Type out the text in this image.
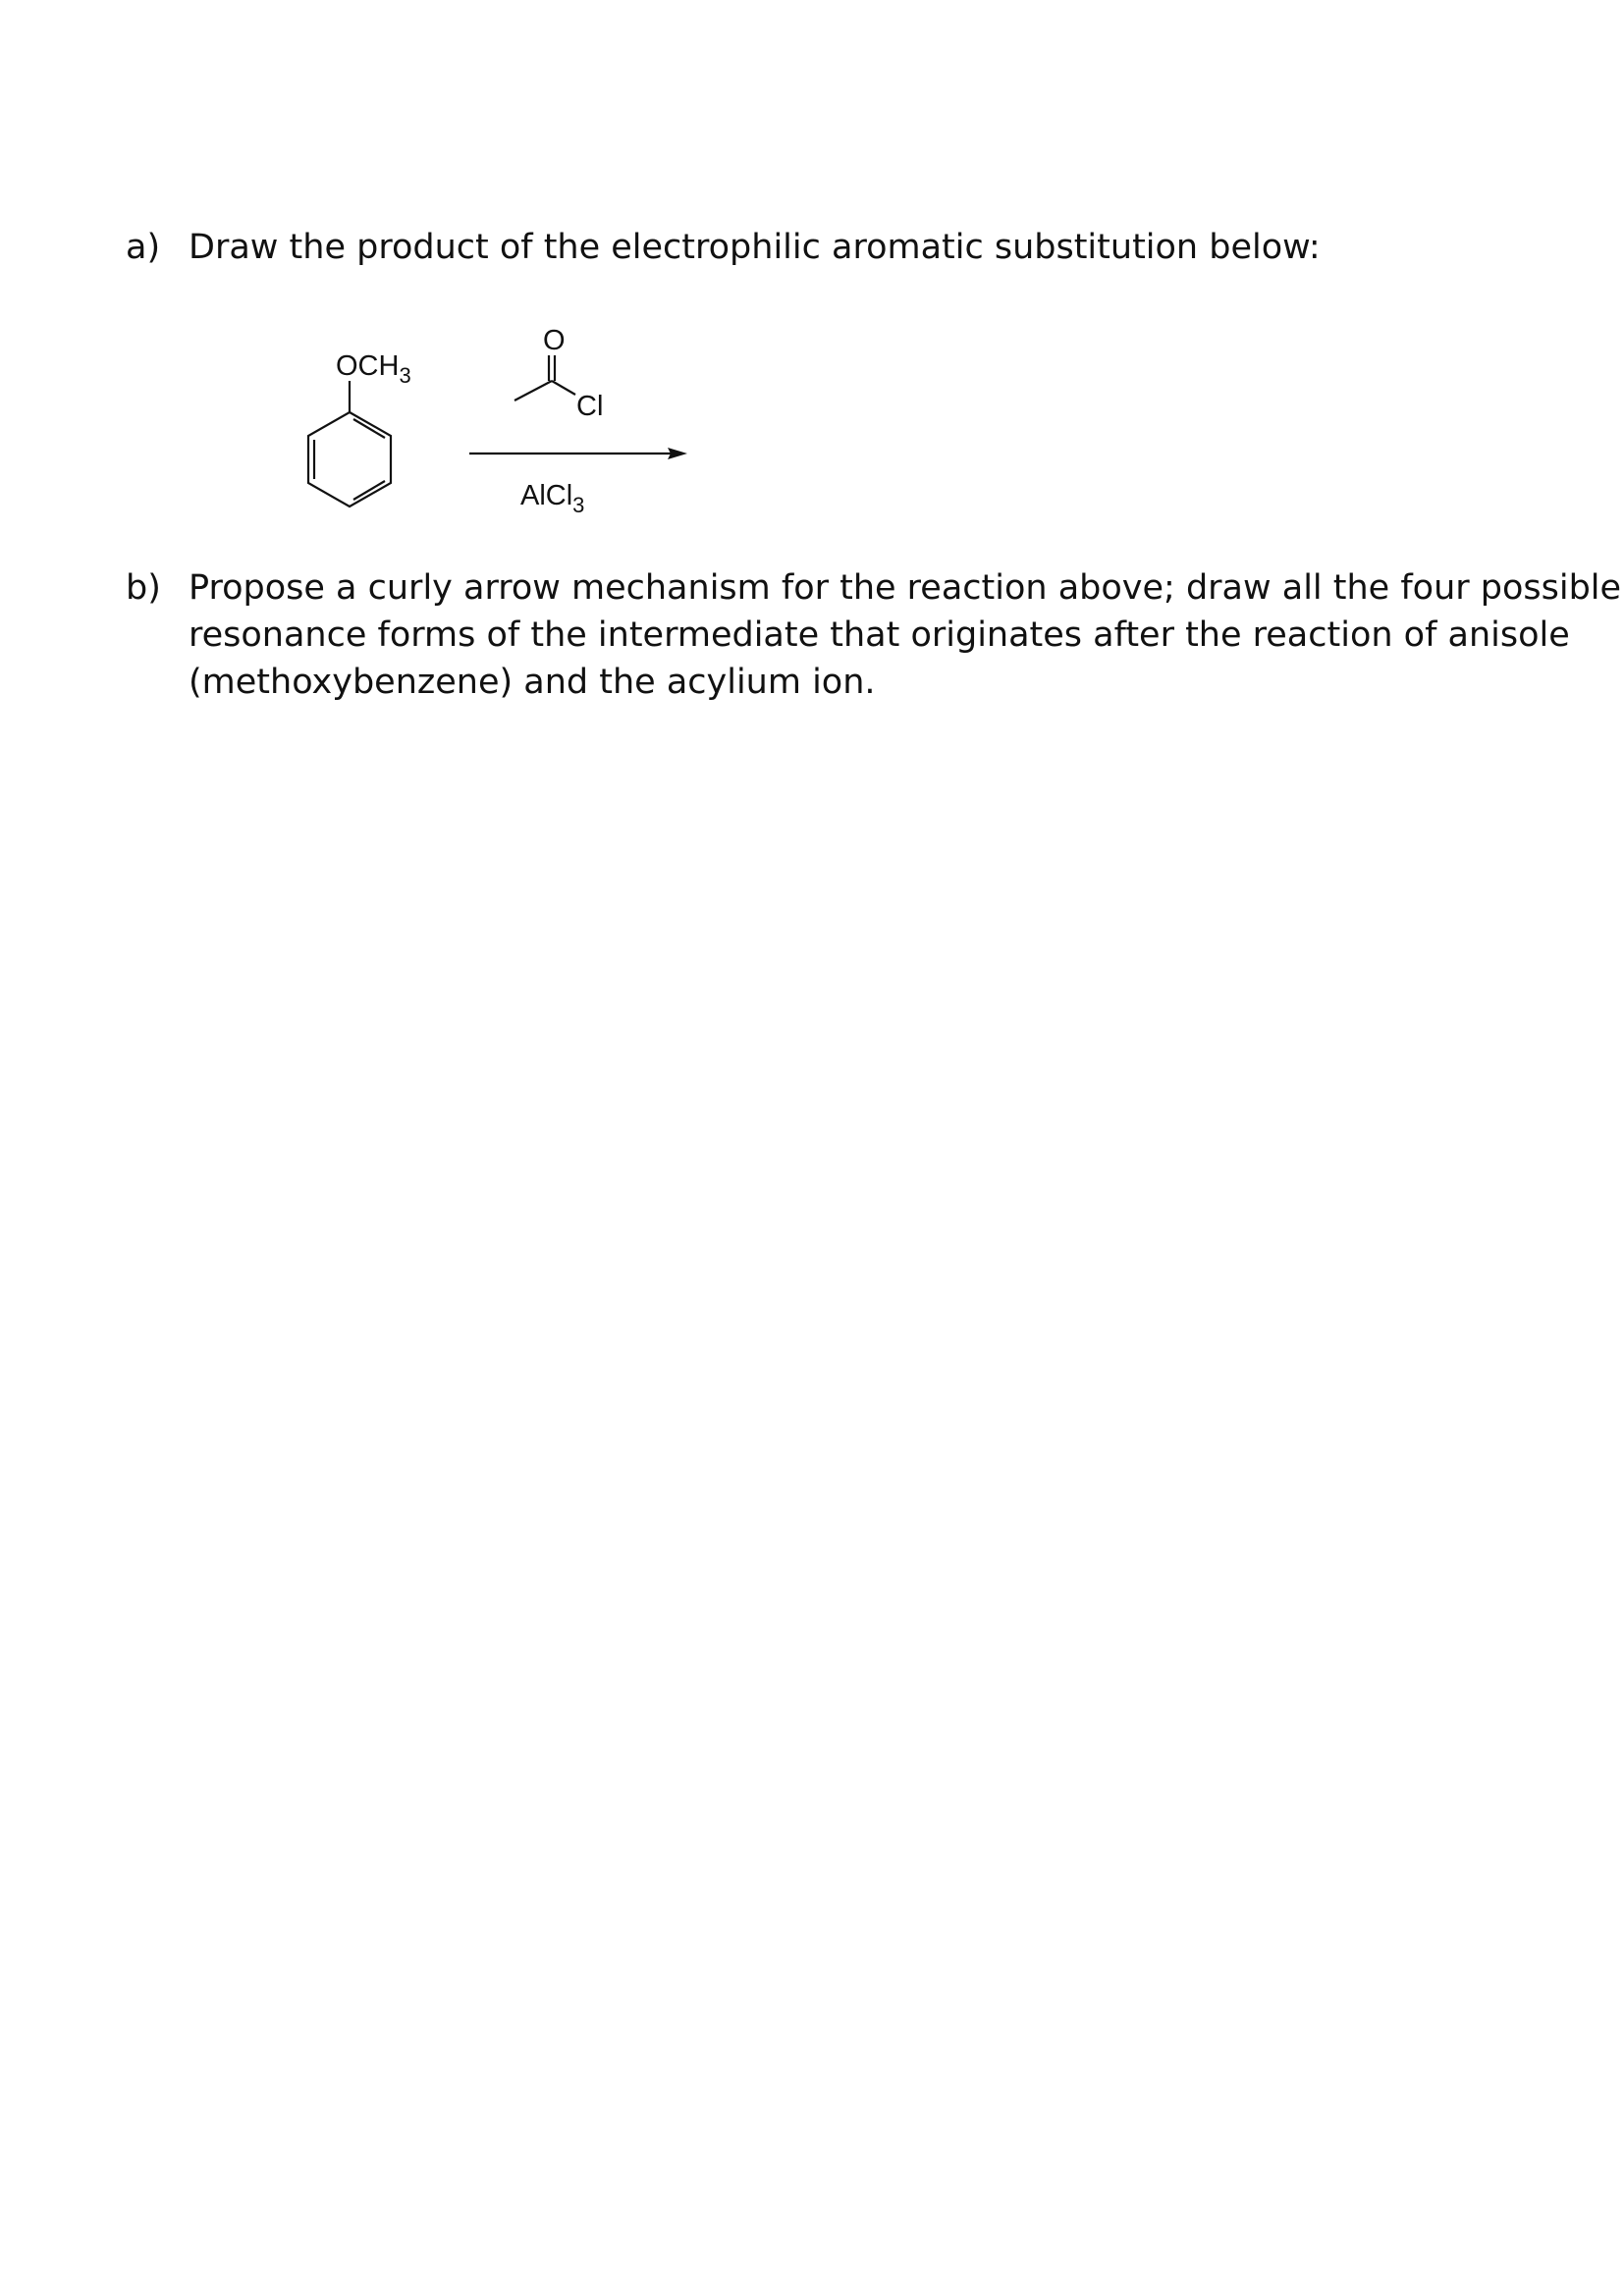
a) Draw the product of the electrophilic aromatic substitution below:
$OCH_3$
O
Cl
AlCl$_3$
b) Propose a curly arrow mechanism for the reaction above; draw all the four possible
resonance forms of the intermediate that originates after the reaction of anisole
(methoxybenzene) and the acylium ion.
